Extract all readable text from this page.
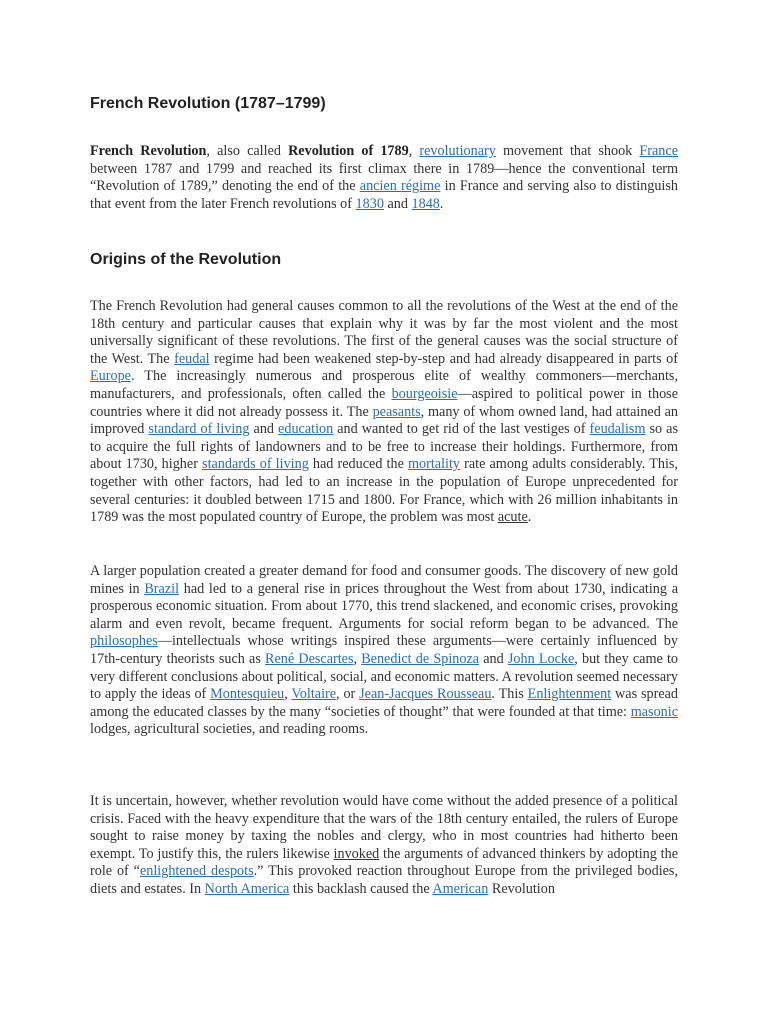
French Revolution (1787–1799)

French Revolution, also called Revolution of 1789, revolutionary movement that shook France between 1787 and 1799 and reached its first climax there in 1789—hence the conventional term “Revolution of 1789,” denoting the end of the ancien régime in France and serving also to distinguish that event from the later French revolutions of 1830 and 1848.

Origins of the Revolution

The French Revolution had general causes common to all the revolutions of the West at the end of the 18th century and particular causes that explain why it was by far the most violent and the most universally significant of these revolutions. The first of the general causes was the social structure of the West. The feudal regime had been weakened step-by-step and had already disappeared in parts of Europe. The increasingly numerous and prosperous elite of wealthy commoners—merchants, manufacturers, and professionals, often called the bourgeoisie—aspired to political power in those countries where it did not already possess it. The peasants, many of whom owned land, had attained an improved standard of living and education and wanted to get rid of the last vestiges of feudalism so as to acquire the full rights of landowners and to be free to increase their holdings. Furthermore, from about 1730, higher standards of living had reduced the mortality rate among adults considerably. This, together with other factors, had led to an increase in the population of Europe unprecedented for several centuries: it doubled between 1715 and 1800. For France, which with 26 million inhabitants in 1789 was the most populated country of Europe, the problem was most acute.

A larger population created a greater demand for food and consumer goods. The discovery of new gold mines in Brazil had led to a general rise in prices throughout the West from about 1730, indicating a prosperous economic situation. From about 1770, this trend slackened, and economic crises, provoking alarm and even revolt, became frequent. Arguments for social reform began to be advanced. The philosophes—intellectuals whose writings inspired these arguments—were certainly influenced by 17th-century theorists such as René Descartes, Benedict de Spinoza and John Locke, but they came to very different conclusions about political, social, and economic matters. A revolution seemed necessary to apply the ideas of Montesquieu, Voltaire, or Jean-Jacques Rousseau. This Enlightenment was spread among the educated classes by the many “societies of thought” that were founded at that time: masonic lodges, agricultural societies, and reading rooms.

It is uncertain, however, whether revolution would have come without the added presence of a political crisis. Faced with the heavy expenditure that the wars of the 18th century entailed, the rulers of Europe sought to raise money by taxing the nobles and clergy, who in most countries had hitherto been exempt. To justify this, the rulers likewise invoked the arguments of advanced thinkers by adopting the role of “enlightened despots.” This provoked reaction throughout Europe from the privileged bodies, diets and estates. In North America this backlash caused the American Revolution
